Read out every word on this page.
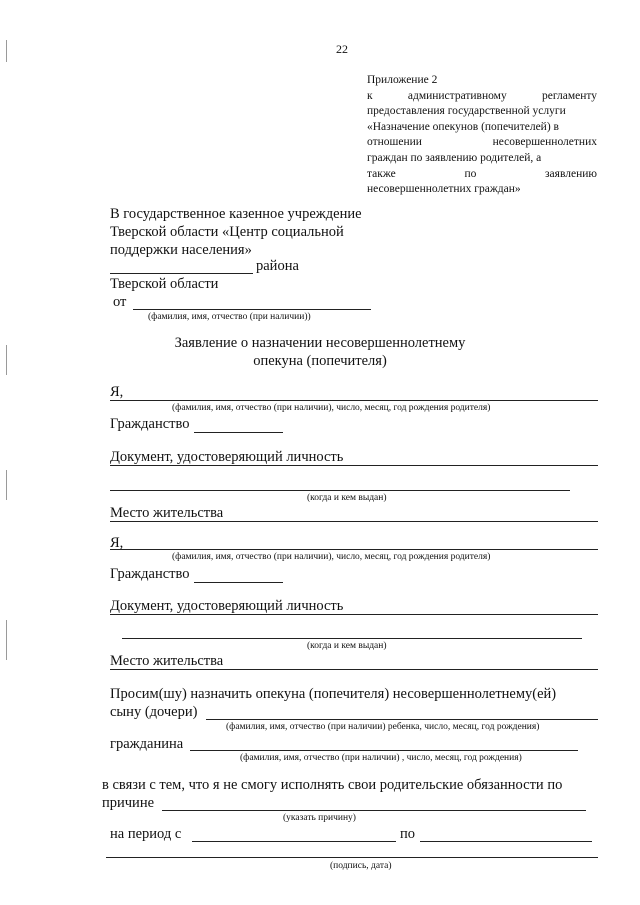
22
Приложение 2
к	административному	регламенту
предоставления государственной услуги
«Назначение опекунов (попечителей) в
отношении	несовершеннолетних
граждан по заявлению родителей, а
также	по	заявлению
несовершеннолетних граждан»
В государственное казенное учреждение
Тверской области «Центр социальной
поддержки населения»
района
Тверской области
от
(фамилия, имя, отчество (при наличии))
Заявление о назначении несовершеннолетнему
опекуна (попечителя)
Я,
(фамилия, имя, отчество (при наличии), число, месяц, год рождения родителя)
Гражданство
Документ, удостоверяющий личность
(когда и кем выдан)
Место жительства
Я,
(фамилия, имя, отчество (при наличии), число, месяц, год рождения родителя)
Гражданство
Документ, удостоверяющий личность
(когда и кем выдан)
Место жительства
Просим(шу) назначить опекуна (попечителя) несовершеннолетнему(ей)
сыну (дочери)
(фамилия, имя, отчество (при наличии) ребенка, число, месяц, год рождения)
гражданина
(фамилия, имя, отчество (при наличии) , число, месяц, год рождения)
в связи с тем, что я не смогу исполнять свои родительские обязанности по
причине
(указать причину)
на период с	по
(подпись, дата)
